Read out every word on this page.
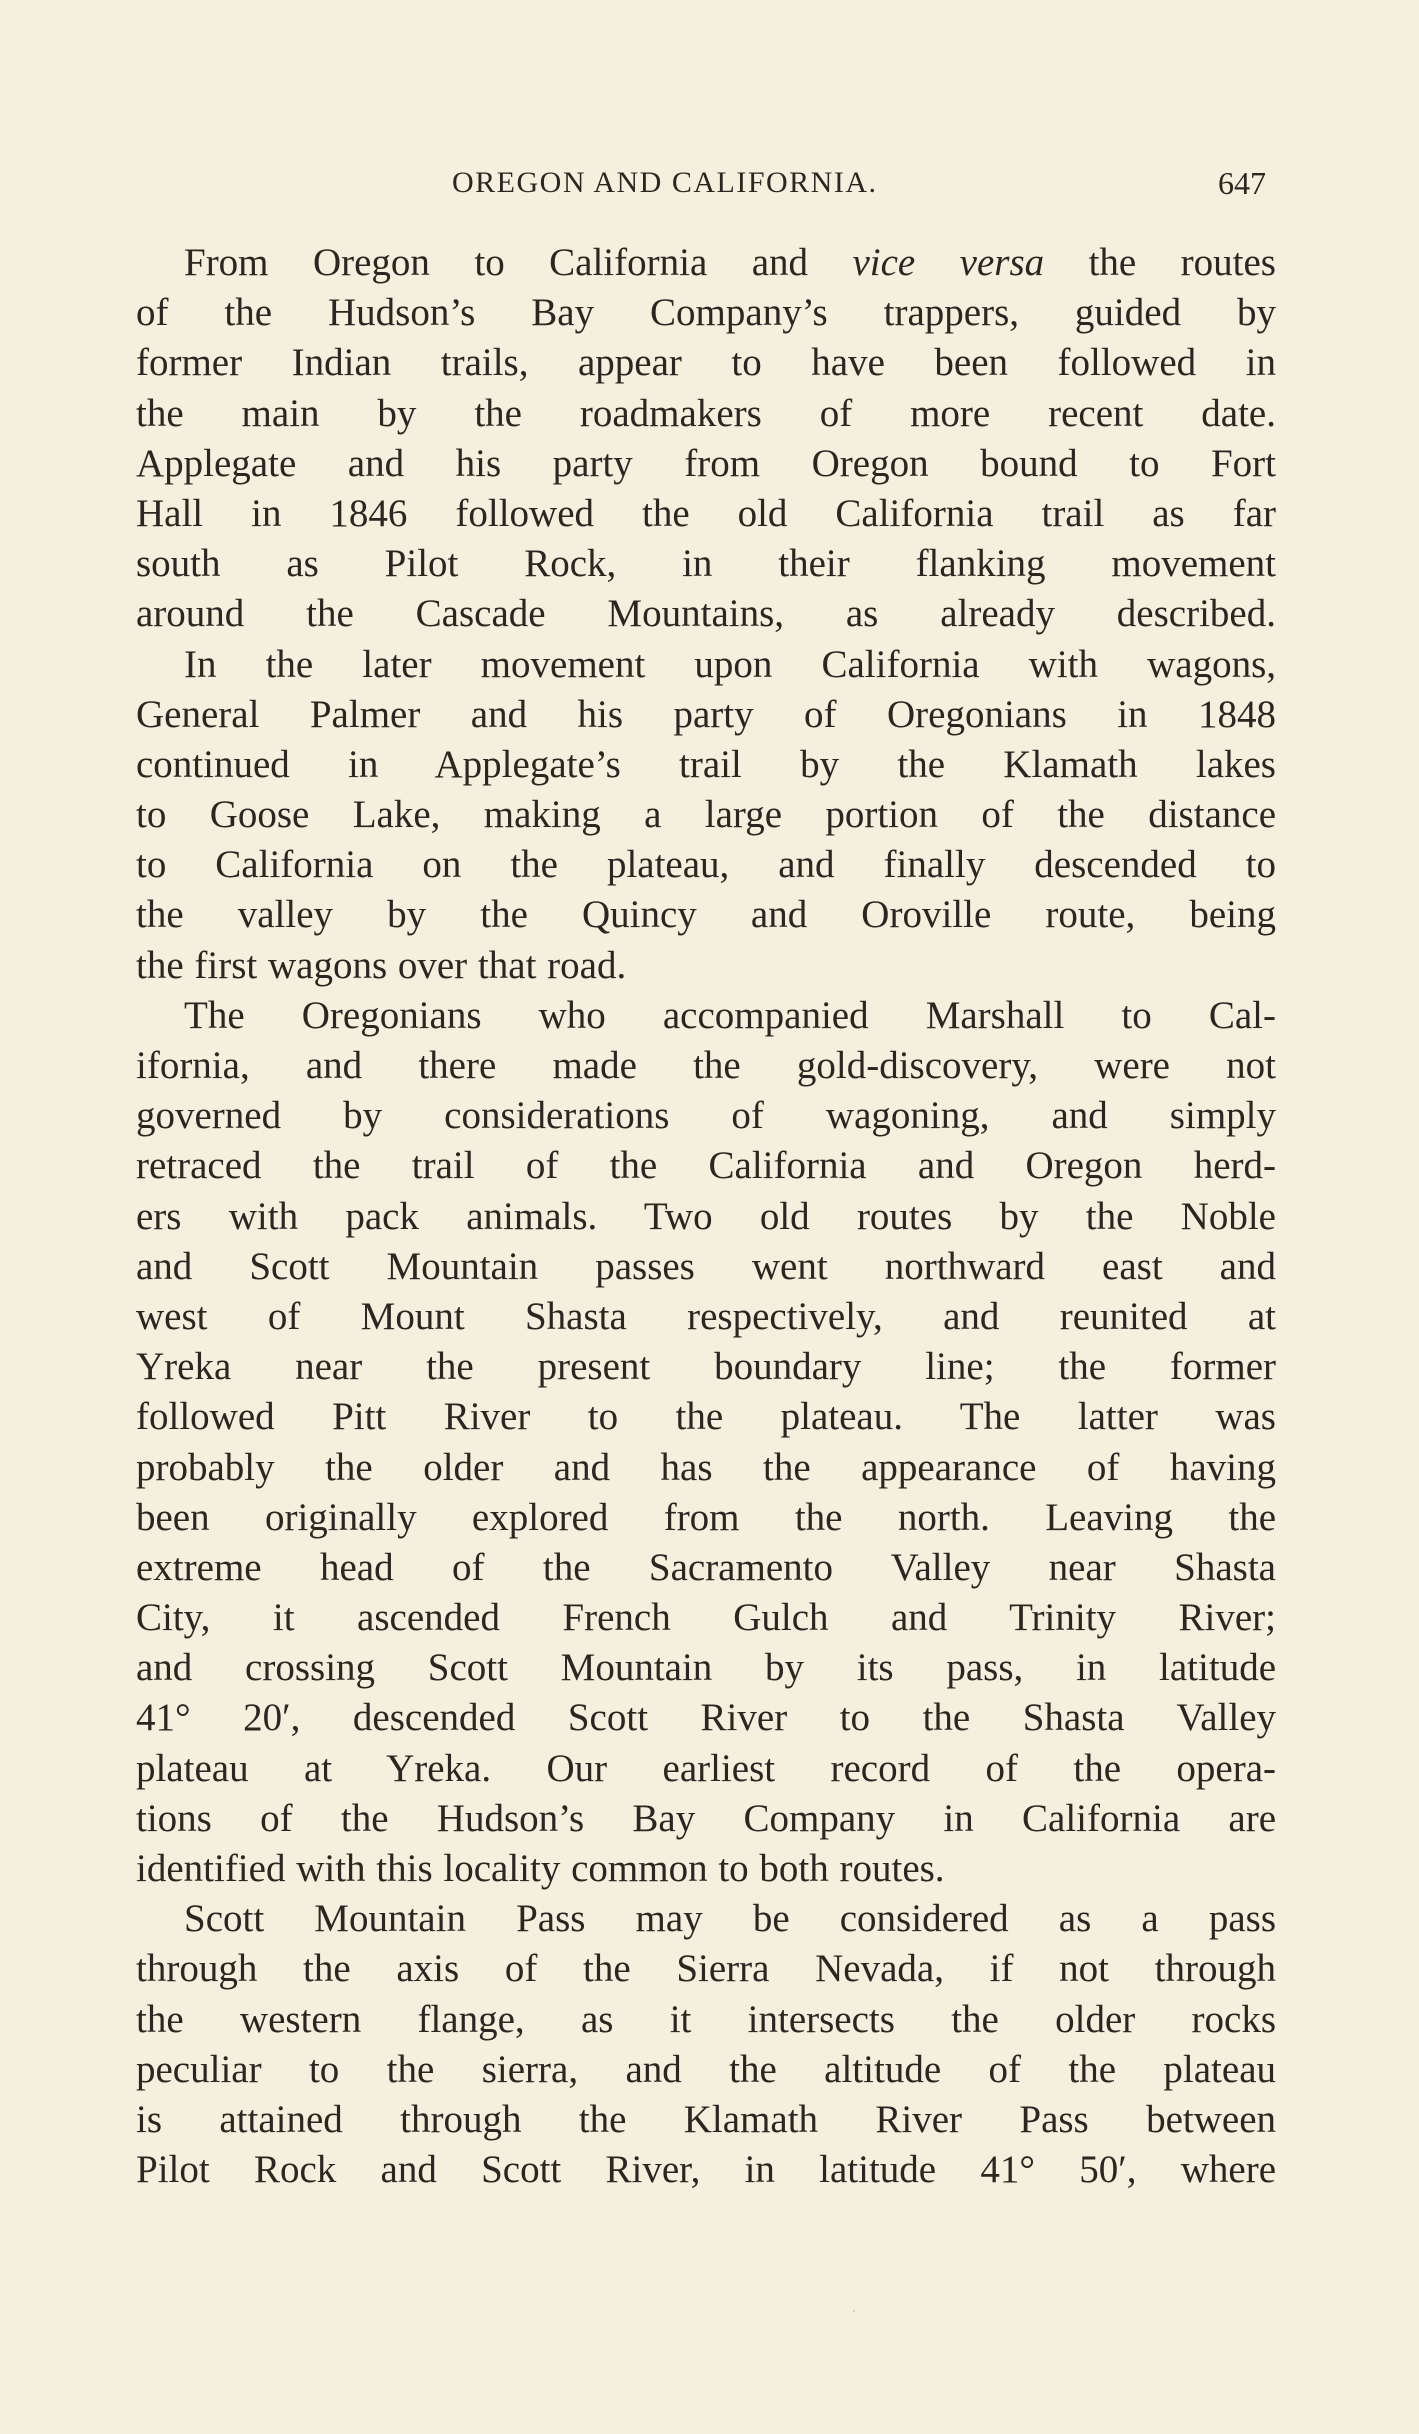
OREGON AND CALIFORNIA.	647
From Oregon to California and vice versa the routes
of the Hudson’s Bay Company’s trappers, guided by
former Indian trails, appear to have been followed in
the main by the roadmakers of more recent date.
Applegate and his party from Oregon bound to Fort
Hall in 1846 followed the old California trail as far
south as Pilot Rock, in their flanking movement
around the Cascade Mountains, as already described.
In the later movement upon California with wagons,
General Palmer and his party of Oregonians in 1848
continued in Applegate’s trail by the Klamath lakes
to Goose Lake, making a large portion of the distance
to California on the plateau, and finally descended to
the valley by the Quincy and Oroville route, being
the first wagons over that road.
The Oregonians who accompanied Marshall to Cal-
ifornia, and there made the gold-discovery, were not
governed by considerations of wagoning, and simply
retraced the trail of the California and Oregon herd-
ers with pack animals. Two old routes by the Noble
and Scott Mountain passes went northward east and
west of Mount Shasta respectively, and reunited at
Yreka near the present boundary line; the former
followed Pitt River to the plateau. The latter was
probably the older and has the appearance of having
been originally explored from the north. Leaving the
extreme head of the Sacramento Valley near Shasta
City, it ascended French Gulch and Trinity River;
and crossing Scott Mountain by its pass, in latitude
41° 20′, descended Scott River to the Shasta Valley
plateau at Yreka. Our earliest record of the opera-
tions of the Hudson’s Bay Company in California are
identified with this locality common to both routes.
Scott Mountain Pass may be considered as a pass
through the axis of the Sierra Nevada, if not through
the western flange, as it intersects the older rocks
peculiar to the sierra, and the altitude of the plateau
is attained through the Klamath River Pass between
Pilot Rock and Scott River, in latitude 41° 50′, where
